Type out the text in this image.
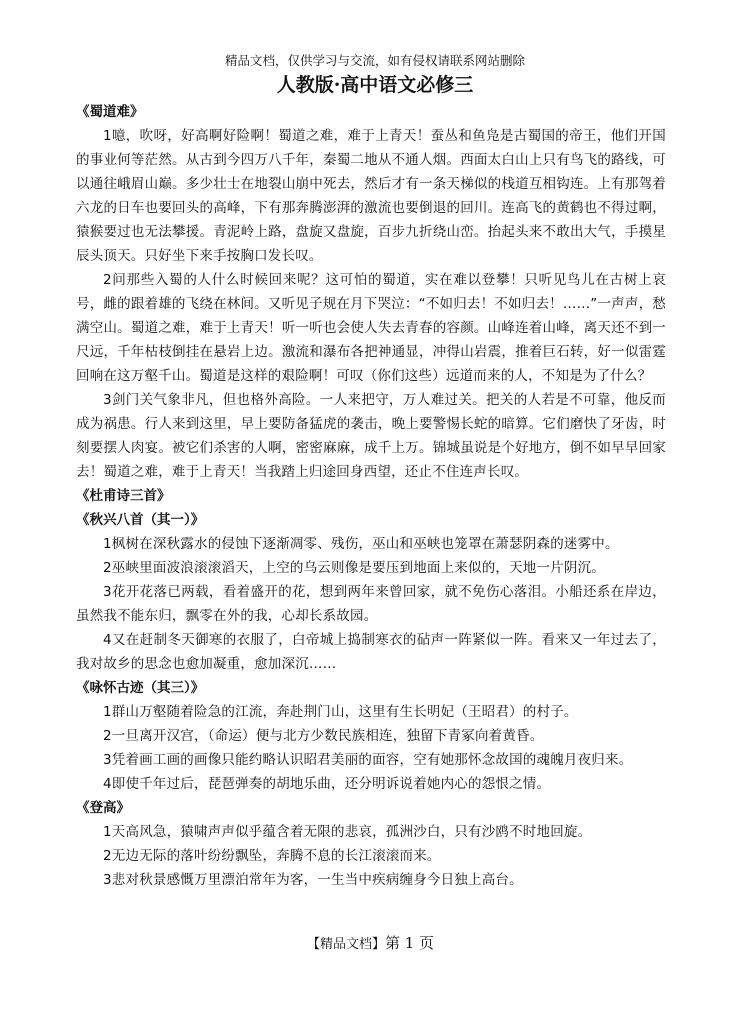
精品文档，仅供学习与交流，如有侵权请联系网站删除
人教版·高中语文必修三
《蜀道难》

1噫，吹呀，好高啊好险啊！蜀道之难，难于上青天！蚕丛和鱼凫是古蜀国的帝王，他们开国的事业何等茫然。从古到今四万八千年，秦蜀二地从不通人烟。西面太白山上只有鸟飞的路线，可以通往峨眉山巅。多少壮士在地裂山崩中死去，然后才有一条天梯似的栈道互相钩连。上有那驾着六龙的日车也要回头的高峰，下有那奔腾澎湃的激流也要倒退的回川。连高飞的黄鹤也不得过啊，猿猴要过也无法攀援。青泥岭上路，盘旋又盘旋，百步九折绕山峦。抬起头来不敢出大气，手摸星辰头顶天。只好坐下来手按胸口发长叹。

2问那些入蜀的人什么时候回来呢？这可怕的蜀道，实在难以登攀！只听见鸟儿在古树上哀号，雌的跟着雄的飞绕在林间。又听见子规在月下哭泣：“不如归去！不如归去！……”一声声，愁满空山。蜀道之难，难于上青天！听一听也会使人失去青春的容颜。山峰连着山峰，离天还不到一尺远，千年枯枝倒挂在悬岩上边。激流和瀑布各把神通显，冲得山岩震，推着巨石转，好一似雷霆回响在这万壑千山。蜀道是这样的艰险啊！可叹（你们这些）远道而来的人，不知是为了什么？

3剑门关气象非凡，但也格外高险。一人来把守，万人难过关。把关的人若是不可靠，他反而成为祸患。行人来到这里，早上要防备猛虎的袭击，晚上要警惕长蛇的暗算。它们磨快了牙齿，时刻要摆人肉宴。被它们杀害的人啊，密密麻麻，成千上万。锦城虽说是个好地方，倒不如早早回家去！蜀道之难，难于上青天！当我踏上归途回身西望，还止不住连声长叹。

《杜甫诗三首》
《秋兴八首（其一）》

1枫树在深秋露水的侵蚀下逐渐凋零、残伤，巫山和巫峡也笼罩在萧瑟阴森的迷雾中。

2巫峡里面波浪滚滚滔天，上空的乌云则像是要压到地面上来似的，天地一片阴沉。

3花开花落已两载，看着盛开的花，想到两年来曾回家，就不免伤心落泪。小船还系在岸边，虽然我不能东归，飘零在外的我，心却长系故园。

4又在赶制冬天御寒的衣服了，白帝城上捣制寒衣的砧声一阵紧似一阵。看来又一年过去了，我对故乡的思念也愈加凝重，愈加深沉……

《咏怀古迹（其三）》

1群山万壑随着险急的江流，奔赴荆门山，这里有生长明妃（王昭君）的村子。

2一旦离开汉宫，（命运）便与北方少数民族相连，独留下青冢向着黄昏。

3凭着画工画的画像只能约略认识昭君美丽的面容，空有她那怀念故国的魂魄月夜归来。

4即使千年过后，琵琶弹奏的胡地乐曲，还分明诉说着她内心的怨恨之情。

《登高》

1天高风急，猿啸声声似乎蕴含着无限的悲哀，孤洲沙白，只有沙鸥不时地回旋。

2无边无际的落叶纷纷飘坠，奔腾不息的长江滚滚而来。

3悲对秋景感慨万里漂泊常年为客，一生当中疾病缠身今日独上高台。

【精品文档】第 1 页
